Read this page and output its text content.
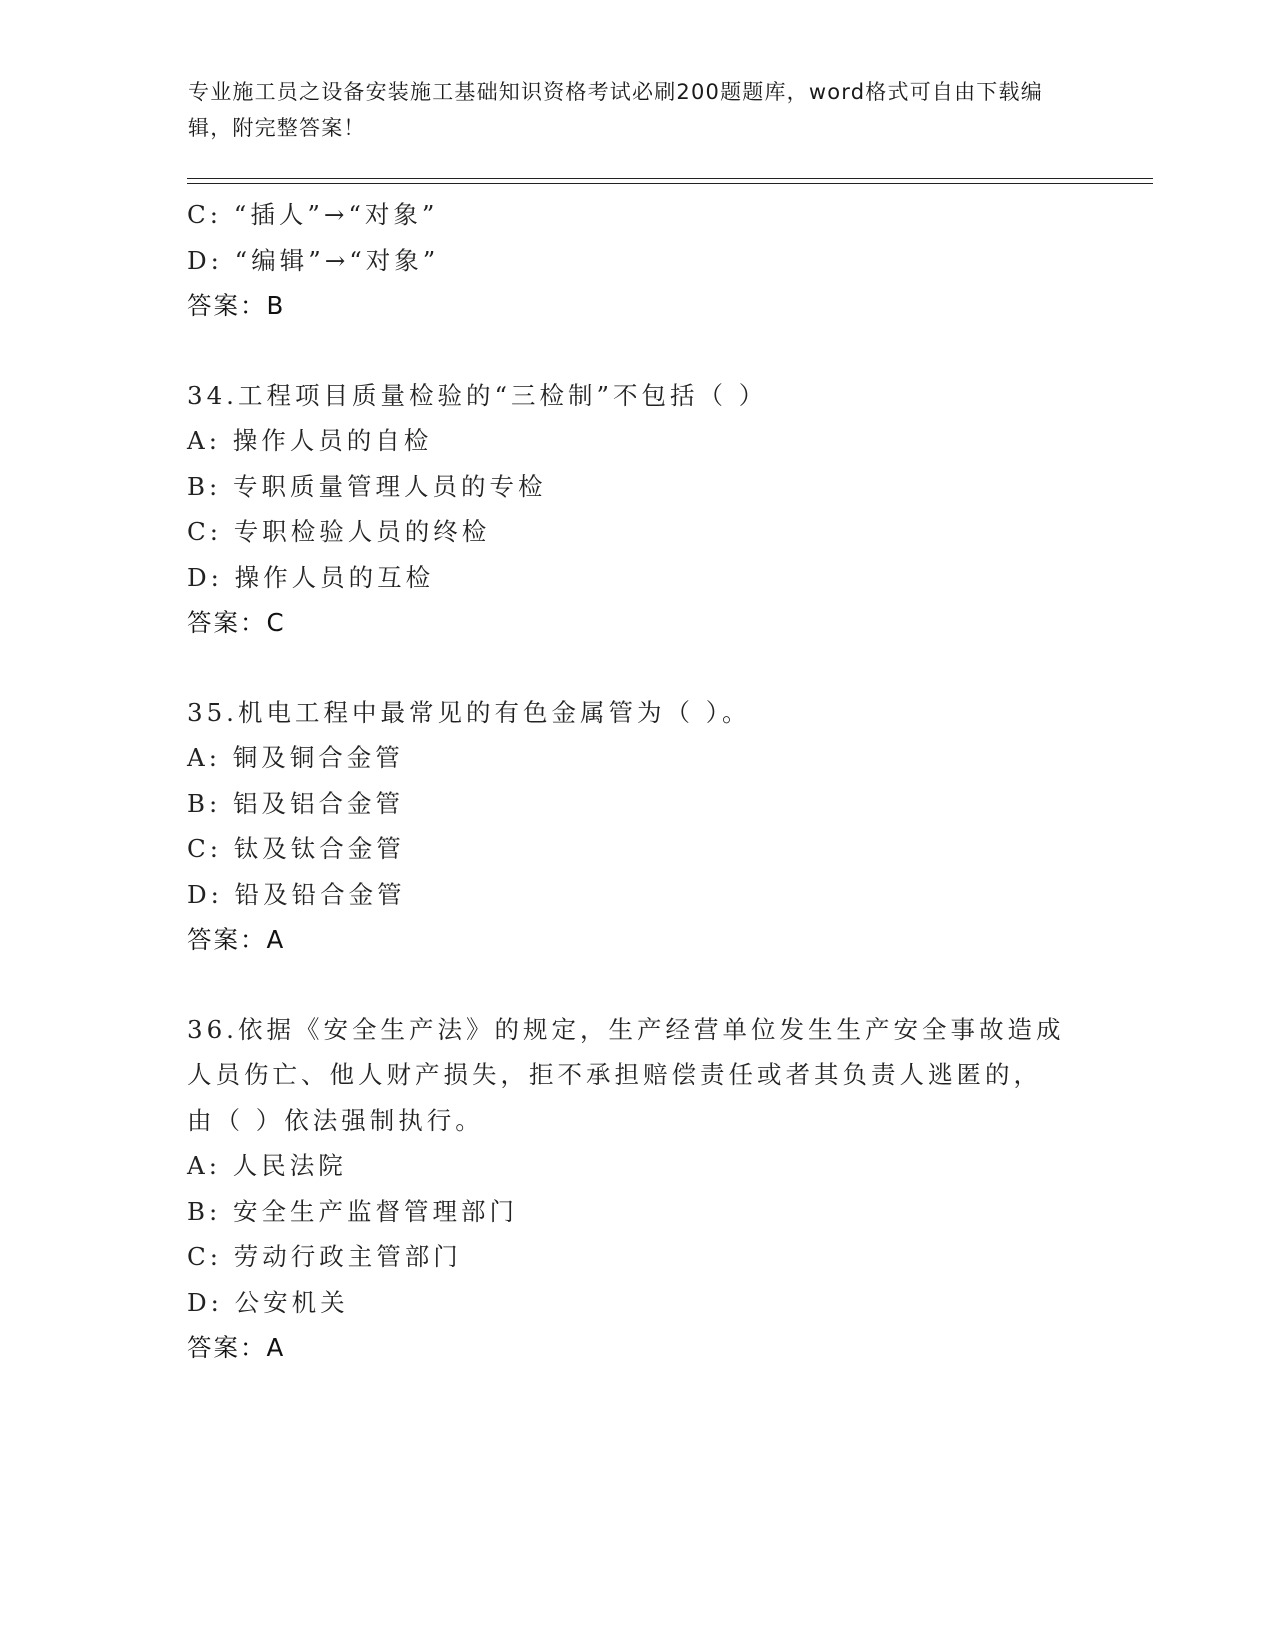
专业施工员之设备安装施工基础知识资格考试必刷200题题库，word格式可自由下载编辑，附完整答案！
C: “插人”→“对象”
D: “编辑”→“对象”
答案：B
34.工程项目质量检验的“三检制”不包括（ ）
A: 操作人员的自检
B: 专职质量管理人员的专检
C: 专职检验人员的终检
D: 操作人员的互检
答案：C
35.机电工程中最常见的有色金属管为（ ）。
A: 铜及铜合金管
B: 铝及铝合金管
C: 钛及钛合金管
D: 铅及铅合金管
答案：A
36.依据《安全生产法》的规定，生产经营单位发生生产安全事故造成
人员伤亡、他人财产损失，拒不承担赔偿责任或者其负责人逃匿的，
由（ ）依法强制执行。
A: 人民法院
B: 安全生产监督管理部门
C: 劳动行政主管部门
D: 公安机关
答案：A
